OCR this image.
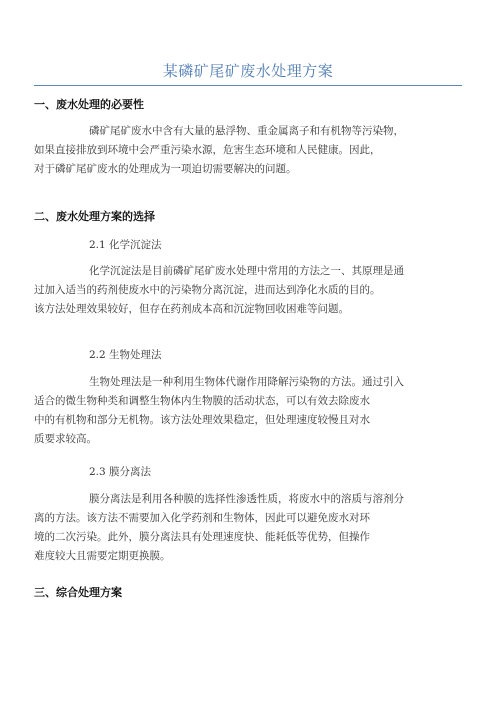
某磷矿尾矿废水处理方案
一、废水处理的必要性

磷矿尾矿废水中含有大量的悬浮物、重金属离子和有机物等污染物，
如果直接排放到环境中会严重污染水源，危害生态环境和人民健康。因此，
对于磷矿尾矿废水的处理成为一项迫切需要解决的问题。

二、废水处理方案的选择
2.1 化学沉淀法

化学沉淀法是目前磷矿尾矿废水处理中常用的方法之一、其原理是通
过加入适当的药剂使废水中的污染物分离沉淀，进而达到净化水质的目的。
该方法处理效果较好，但存在药剂成本高和沉淀物回收困难等问题。

2.2 生物处理法

生物处理法是一种利用生物体代谢作用降解污染物的方法。通过引入
适合的微生物种类和调整生物体内生物膜的活动状态，可以有效去除废水
中的有机物和部分无机物。该方法处理效果稳定，但处理速度较慢且对水
质要求较高。

2.3 膜分离法

膜分离法是利用各种膜的选择性渗透性质，将废水中的溶质与溶剂分
离的方法。该方法不需要加入化学药剂和生物体，因此可以避免废水对环
境的二次污染。此外，膜分离法具有处理速度快、能耗低等优势，但操作
难度较大且需要定期更换膜。

三、综合处理方案
